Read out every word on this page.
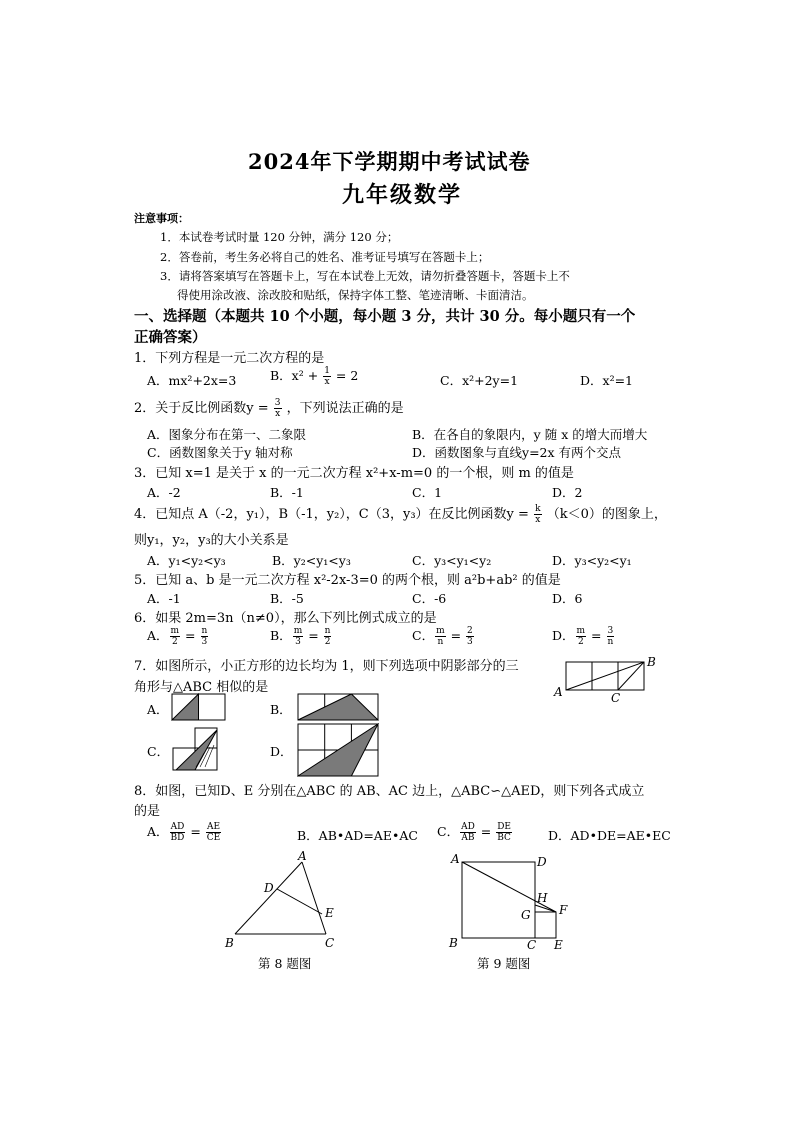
2024年下学期期中考试试卷
九年级数学
注意事项：
1．本试卷考试时量 120 分钟，满分 120 分；
2．答卷前，考生务必将自己的姓名、准考证号填写在答题卡上；
3．请将答案填写在答题卡上，写在本试卷上无效，请勿折叠答题卡，答题卡上不
得使用涂改液、涂改胶和贴纸，保持字体工整、笔迹清晰、卡面清洁。
一、选择题（本题共 10 个小题，每小题 3 分，共计 30 分。每小题只有一个
正确答案）
1．下列方程是一元二次方程的是
A．mx²+2x=3	B．$x^2 + \frac{1}{x} = 2$	C．x²+2y=1	D．x²=1
2．关于反比例函数$y = \frac{3}{x}$ ，下列说法正确的是
A．图象分布在第一、二象限	B．在各自的象限内，y 随 x 的增大而增大
C．函数图象关于y 轴对称	D．函数图象与直线y=2x 有两个交点
3．已知 x=1 是关于 x 的一元二次方程 x²+x-m=0 的一个根，则 m 的值是
A．-2	B．-1	C．1	D．2
4．已知点 A（-2，y₁），B（-1，y₂），C（3，y₃）在反比例函数$y = \frac{k}{x} (k<0)$的图象上，
则y₁，y₂，y₃的大小关系是
A．y₁<y₂<y₃	B．y₂<y₁<y₃	C．y₃<y₁<y₂	D．y₃<y₂<y₁
5．已知 a、b 是一元二次方程 x²-2x-3=0 的两个根，则 a²b+ab² 的值是
A．-1	B．-5	C．-6	D．6
6．如果 2m=3n（n≠0），那么下列比例式成立的是
A． $\frac{m}{2} = \frac{n}{3}$	B． $\frac{m}{3} = \frac{n}{2}$	C． $\frac{m}{n} = \frac{2}{3}$	D． $\frac{m}{2} = \frac{3}{n}$
7．如图所示，小正方形的边长均为 1，则下列选项中阴影部分的三
角形与△ABC 相似的是	A
B
C
A．	B．
C．	D．
8．如图，已知D、E 分别在△ABC 的 AB、AC 边上，△ABC∽△AED，则下列各式成立
的是
A． $\frac{AD}{BD} = \frac{AE}{CE}$	B．AB•AD=AE•AC C． $\frac{AD}{AB} = \frac{DE}{BC}$	D．AD•DE=AE•EC
A
D
E
B	C
第 8 题图
A	D
H
G F
B	C E
第 9 题图
